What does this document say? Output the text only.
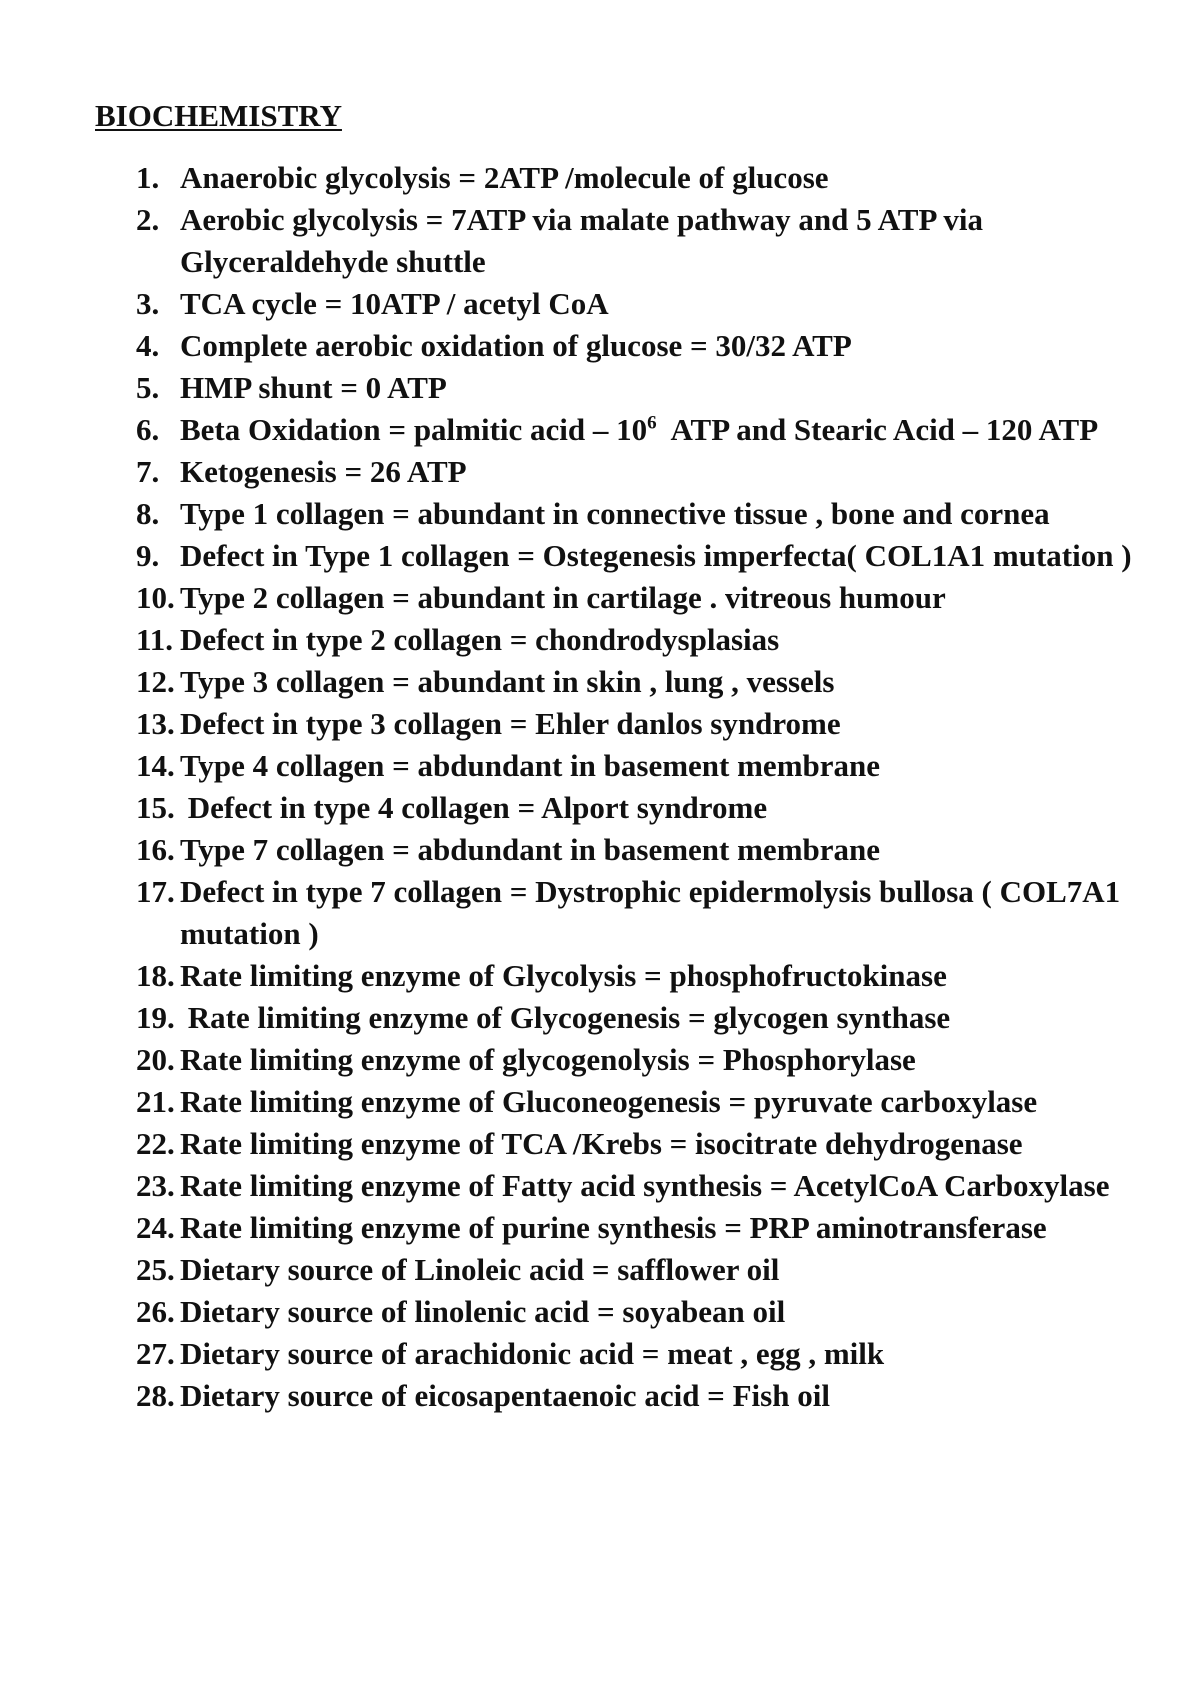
BIOCHEMISTRY
1. Anaerobic glycolysis = 2ATP /molecule of glucose
2. Aerobic glycolysis = 7ATP via malate pathway and 5 ATP via Glyceraldehyde shuttle
3. TCA cycle = 10ATP / acetyl CoA
4. Complete aerobic oxidation of glucose = 30/32 ATP
5. HMP shunt = 0 ATP
6. Beta Oxidation = palmitic acid – $10^6$  ATP and Stearic Acid – 120 ATP
7. Ketogenesis = 26 ATP
8. Type 1 collagen = abundant in connective tissue , bone and cornea
9. Defect in Type 1 collagen = Ostegenesis imperfecta( COL1A1 mutation )
10. Type 2 collagen = abundant in cartilage . vitreous humour
11. Defect in type 2 collagen = chondrodysplasias
12. Type 3 collagen = abundant in skin , lung , vessels
13. Defect in type 3 collagen = Ehler danlos syndrome
14. Type 4 collagen = abdundant in basement membrane
15. Defect in type 4 collagen = Alport syndrome
16. Type 7 collagen = abdundant in basement membrane
17. Defect in type 7 collagen = Dystrophic epidermolysis bullosa ( COL7A1 mutation )
18. Rate limiting enzyme of Glycolysis = phosphofructokinase
19. Rate limiting enzyme of Glycogenesis = glycogen synthase
20. Rate limiting enzyme of glycogenolysis = Phosphorylase
21. Rate limiting enzyme of Gluconeogenesis = pyruvate carboxylase
22. Rate limiting enzyme of TCA /Krebs = isocitrate dehydrogenase
23. Rate limiting enzyme of Fatty acid synthesis = AcetylCoA Carboxylase
24. Rate limiting enzyme of purine synthesis = PRP aminotransferase
25. Dietary source of Linoleic acid = safflower oil
26. Dietary source of linolenic acid = soyabean oil
27. Dietary source of arachidonic acid = meat , egg , milk
28. Dietary source of eicosapentaenoic acid = Fish oil
